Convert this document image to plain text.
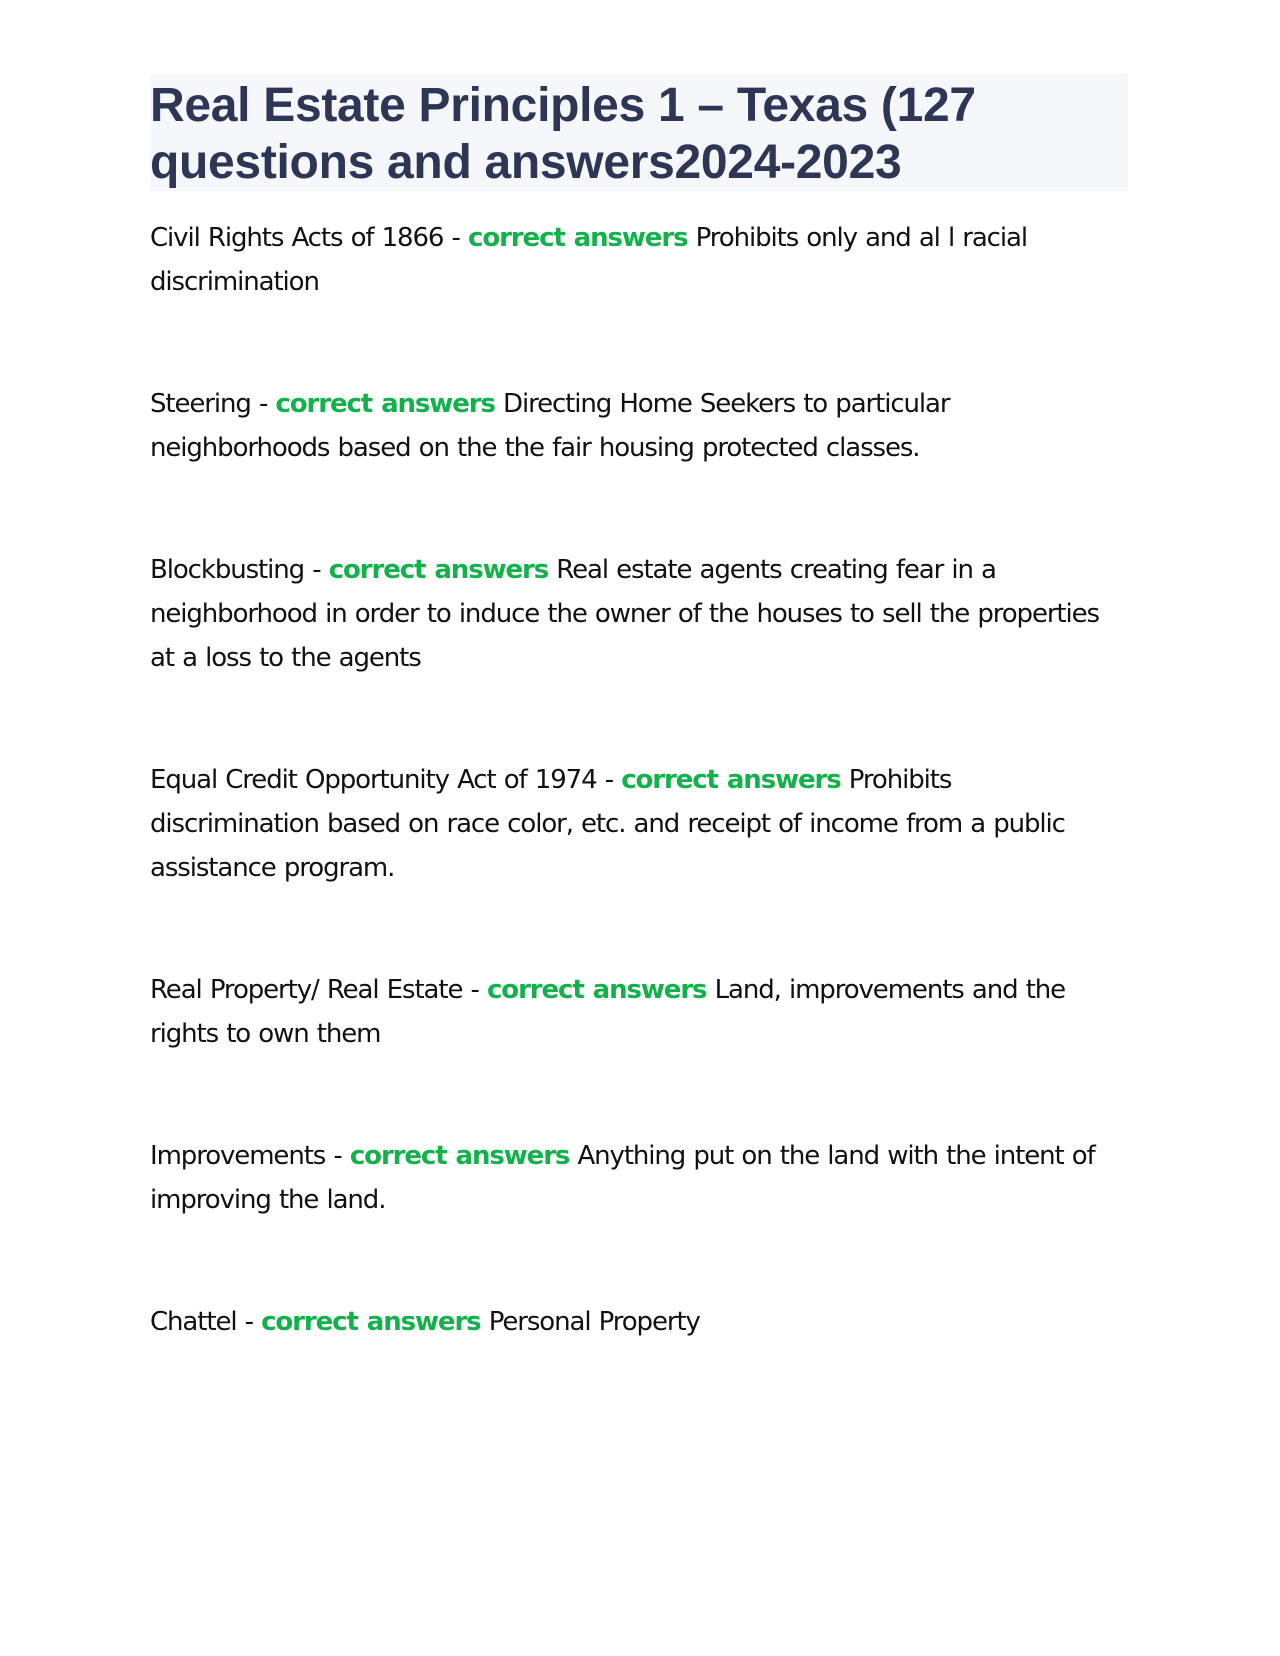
Real Estate Principles 1 – Texas (127 questions and answers2024-2023
Civil Rights Acts of 1866 - correct answers Prohibits only and al l racial discrimination
Steering - correct answers Directing Home Seekers to particular neighborhoods based on the the fair housing protected classes.
Blockbusting - correct answers Real estate agents creating fear in a neighborhood in order to induce the owner of the houses to sell the properties at a loss to the agents
Equal Credit Opportunity Act of 1974 - correct answers Prohibits discrimination based on race color, etc. and receipt of income from a public assistance program.
Real Property/ Real Estate - correct answers Land, improvements and the rights to own them
Improvements - correct answers Anything put on the land with the intent of improving the land.
Chattel - correct answers Personal Property
